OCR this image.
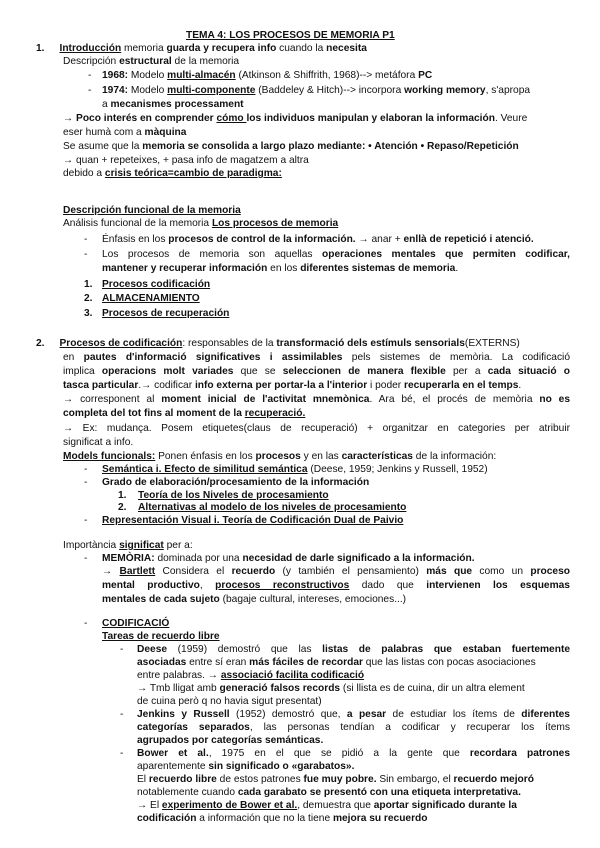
TEMA 4: LOS PROCESOS DE MEMORIA P1
1. Introducción memoria guarda y recupera info cuando la necesita
Descripción estructural de la memoria
- 1968: Modelo multi-almacén (Atkinson & Shiffrith, 1968)--> metáfora PC
- 1974: Modelo multi-componente (Baddeley & Hitch)--> incorpora working memory, s'apropa
a mecanismes processament
→ Poco interés en comprender cómo los individuos manipulan y elaboran la información. Veure
eser humà com a màquina
Se asume que la memoria se consolida a largo plazo mediante: • Atención • Repaso/Repetición
→ quan + repeteixes, + pasa info de magatzem a altra
debido a crisis teórica=cambio de paradigma:
Descripción funcional de la memoria
Análisis funcional de la memoria Los procesos de memoria
- Énfasis en los procesos de control de la información. → anar + enllà de repetició i atenció.
- Los procesos de memoria son aquellas operaciones mentales que permiten codificar,
mantener y recuperar información en los diferentes sistemas de memoria.
1. Procesos codificación
2. ALMACENAMIENTO
3. Procesos de recuperación
2. Procesos de codificación: responsables de la transformació dels estímuls sensorials(EXTERNS)
en pautes d'informació significatives i assimilables pels sistemes de memòria. La codificació
implica operacions molt variades que se seleccionen de manera flexible per a cada situació o
tasca particular.→ codificar info externa per portar-la a l'interior i poder recuperarla en el temps.
→ corresponent al moment inicial de l'activitat mnemònica. Ara bé, el procés de memòria no es
completa del tot fins al moment de la recuperació.
→ Ex: mudança. Posem etiquetes(claus de recuperació) + organitzar en categories per atribuir
significat a info.
Models funcionals: Ponen énfasis en los procesos y en las características de la información:
- Semántica i. Efecto de similitud semántica (Deese, 1959; Jenkins y Russell, 1952)
- Grado de elaboración/procesamiento de la información
1. Teoría de los Niveles de procesamiento
2. Alternativas al modelo de los niveles de procesamiento
- Representación Visual i. Teoría de Codificación Dual de Paivio
Importància significat per a:
- MEMÒRIA: dominada por una necesidad de darle significado a la información.
→ Bartlett Considera el recuerdo (y también el pensamiento) más que como un proceso
mental productivo, procesos reconstructivos dado que intervienen los esquemas
mentales de cada sujeto (bagaje cultural, intereses, emociones...)
- CODIFICACIÓ
Tareas de recuerdo libre
- Deese (1959) demostró que las listas de palabras que estaban fuertemente
asociadas entre sí eran más fáciles de recordar que las listas con pocas asociaciones
entre palabras. → associació facilita codificació
→ Tmb lligat amb generació falsos records (si llista es de cuina, dir un altra element
de cuina però q no havia sigut presentat)
- Jenkins y Russell (1952) demostró que, a pesar de estudiar los ítems de diferentes
categorías separados, las personas tendían a codificar y recuperar los ítems
agrupados por categorías semánticas.
- Bower et al., 1975 en el que se pidió a la gente que recordara patrones
aparentemente sin significado o «garabatos».
El recuerdo libre de estos patrones fue muy pobre. Sin embargo, el recuerdo mejoró
notablemente cuando cada garabato se presentó con una etiqueta interpretativa.
→ El experimento de Bower et al., demuestra que aportar significado durante la
codificación a información que no la tiene mejora su recuerdo
